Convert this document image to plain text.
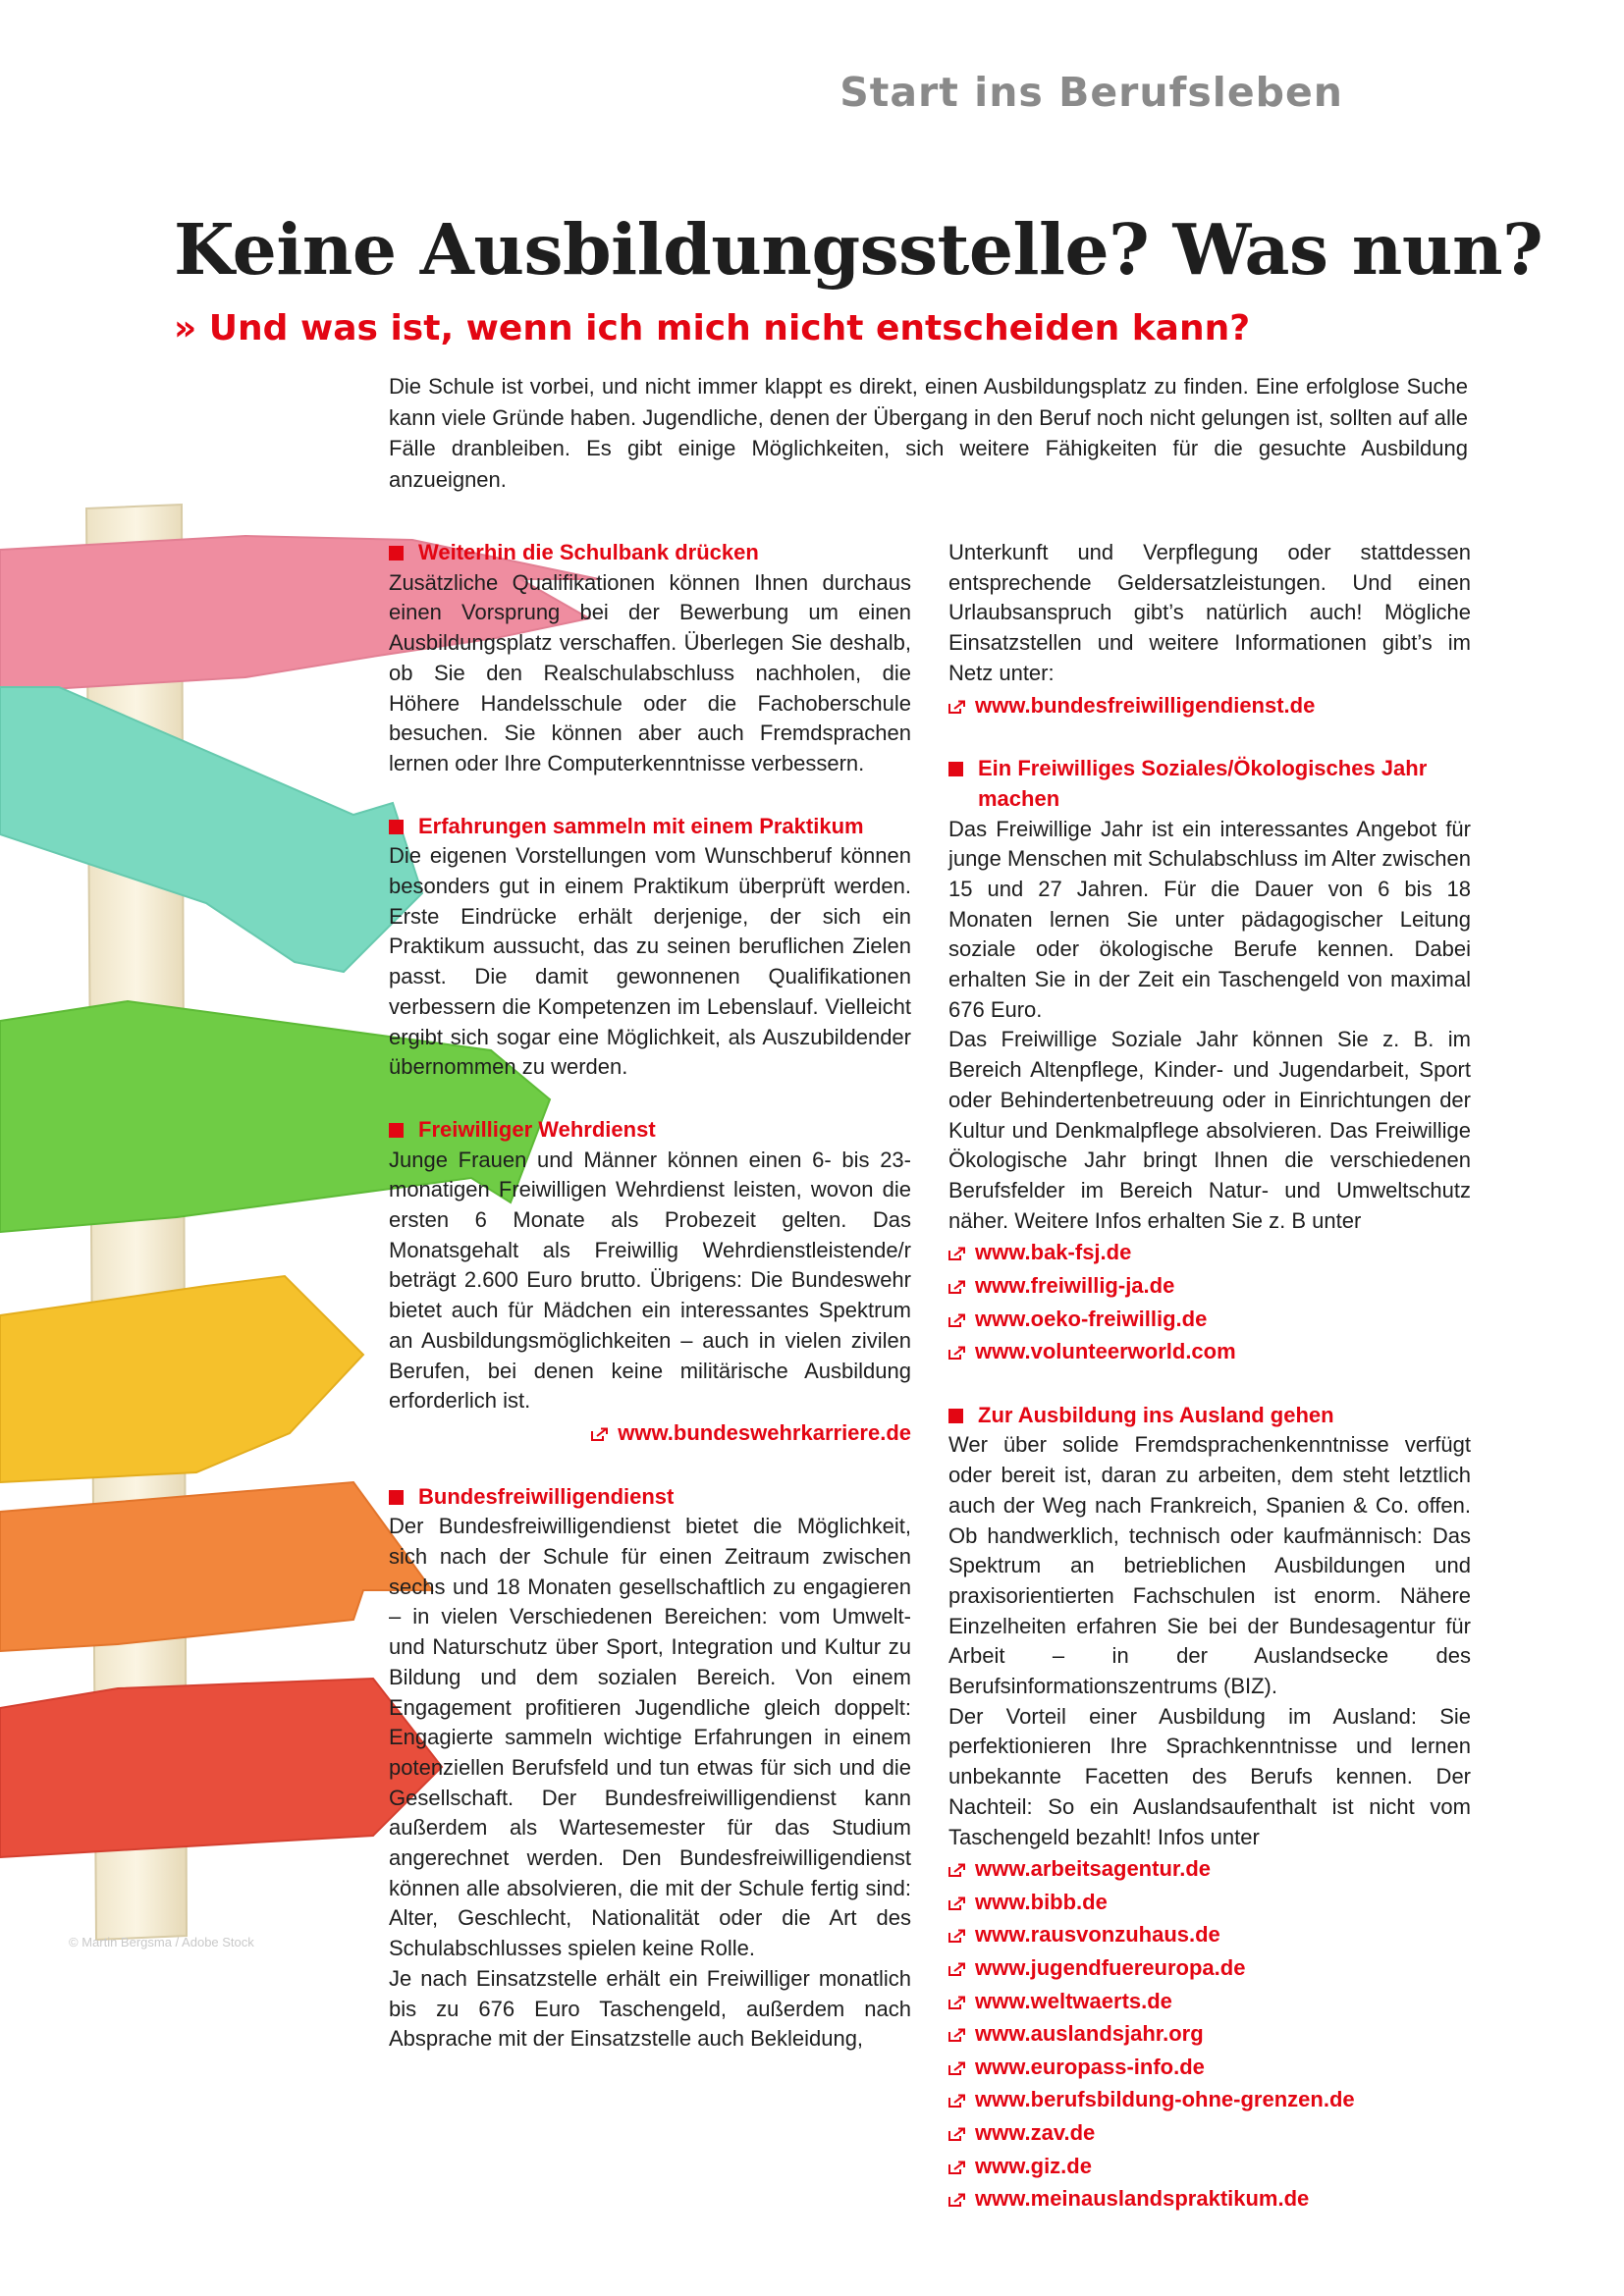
Start ins Berufsleben
Keine Ausbildungsstelle? Was nun?
» Und was ist, wenn ich mich nicht entscheiden kann?

Die Schule ist vorbei, und nicht immer klappt es direkt, einen Ausbildungsplatz zu finden. Eine erfolglose Suche kann viele Gründe haben. Jugendliche, denen der Übergang in den Beruf noch nicht gelungen ist, sollten auf alle Fälle dranbleiben. Es gibt einige Möglichkeiten, sich weitere Fähigkeiten für die gesuchte Ausbildung anzueignen.

© Martin Bergsma / Adobe Stock
Weiterhin die Schulbank drücken

Zusätzliche Qualifikationen können Ihnen durchaus einen Vorsprung bei der Bewerbung um einen Ausbildungsplatz verschaffen. Überlegen Sie deshalb, ob Sie den Realschulabschluss nachholen, die Höhere Handelsschule oder die Fachoberschule besuchen. Sie können aber auch Fremdsprachen lernen oder Ihre Computerkenntnisse verbessern.

Erfahrungen sammeln mit einem Praktikum

Die eigenen Vorstellungen vom Wunschberuf können besonders gut in einem Praktikum überprüft werden. Erste Eindrücke erhält derjenige, der sich ein Praktikum aussucht, das zu seinen beruflichen Zielen passt. Die damit gewonnenen Qualifikationen verbessern die Kompetenzen im Lebenslauf. Vielleicht ergibt sich sogar eine Möglichkeit, als Auszubildender übernommen zu werden.

Freiwilliger Wehrdienst

Junge Frauen und Männer können einen 6- bis 23-monatigen Freiwilligen Wehrdienst leisten, wovon die ersten 6 Monate als Probezeit gelten. Das Monatsgehalt als Freiwillig Wehrdienstleistende/r beträgt 2.600 Euro brutto. Übrigens: Die Bundeswehr bietet auch für Mädchen ein interessantes Spektrum an Ausbildungsmöglichkeiten – auch in vielen zivilen Berufen, bei denen keine militärische Ausbildung erforderlich ist.

www.bundeswehrkarriere.de
Bundesfreiwilligendienst

Der Bundesfreiwilligendienst bietet die Möglichkeit, sich nach der Schule für einen Zeitraum zwischen sechs und 18 Monaten gesellschaftlich zu engagieren – in vielen Verschiedenen Bereichen: vom Umwelt- und Naturschutz über Sport, Integration und Kultur zu Bildung und dem sozialen Bereich. Von einem Engagement profitieren Jugendliche gleich doppelt: Engagierte sammeln wichtige Erfahrungen in einem potenziellen Berufsfeld und tun etwas für sich und die Gesellschaft. Der Bundesfreiwilligendienst kann außerdem als Wartesemester für das Studium angerechnet werden. Den Bundesfreiwilligendienst können alle absolvieren, die mit der Schule fertig sind: Alter, Geschlecht, Nationalität oder die Art des Schulabschlusses spielen keine Rolle.

Je nach Einsatzstelle erhält ein Freiwilliger monatlich bis zu 676 Euro Taschengeld, außerdem nach Absprache mit der Einsatzstelle auch Bekleidung,

Unterkunft und Verpflegung oder stattdessen entsprechende Geldersatzleistungen. Und einen Urlaubsanspruch gibt’s natürlich auch! Mögliche Einsatzstellen und weitere Informationen gibt’s im Netz unter:

www.bundesfreiwilligendienst.de
Ein Freiwilliges Soziales/Ökologisches Jahr machen

Das Freiwillige Jahr ist ein interessantes Angebot für junge Menschen mit Schulabschluss im Alter zwischen 15 und 27 Jahren. Für die Dauer von 6 bis 18 Monaten lernen Sie unter pädagogischer Leitung soziale oder ökologische Berufe kennen. Dabei erhalten Sie in der Zeit ein Taschengeld von maximal 676 Euro.

Das Freiwillige Soziale Jahr können Sie z. B. im Bereich Altenpflege, Kinder- und Jugendarbeit, Sport oder Behindertenbetreuung oder in Einrichtungen der Kultur und Denkmalpflege absolvieren. Das Freiwillige Ökologische Jahr bringt Ihnen die verschiedenen Berufsfelder im Bereich Natur- und Umweltschutz näher. Weitere Infos erhalten Sie z. B unter

www.bak-fsj.de
www.freiwillig-ja.de
www.oeko-freiwillig.de
www.volunteerworld.com
Zur Ausbildung ins Ausland gehen

Wer über solide Fremdsprachenkenntnisse verfügt oder bereit ist, daran zu arbeiten, dem steht letztlich auch der Weg nach Frankreich, Spanien & Co. offen. Ob handwerklich, technisch oder kaufmännisch: Das Spektrum an betrieblichen Ausbildungen und praxisorientierten Fachschulen ist enorm. Nähere Einzelheiten erfahren Sie bei der Bundesagentur für Arbeit – in der Auslandsecke des Berufsinformationszentrums (BIZ).

Der Vorteil einer Ausbildung im Ausland: Sie perfektionieren Ihre Sprachkenntnisse und lernen unbekannte Facetten des Berufs kennen. Der Nachteil: So ein Auslandsaufenthalt ist nicht vom Taschengeld bezahlt! Infos unter

www.arbeitsagentur.de
www.bibb.de
www.rausvonzuhaus.de
www.jugendfuereuropa.de
www.weltwaerts.de
www.auslandsjahr.org
www.europass-info.de
www.berufsbildung-ohne-grenzen.de
www.zav.de
www.giz.de
www.meinauslandspraktikum.de
